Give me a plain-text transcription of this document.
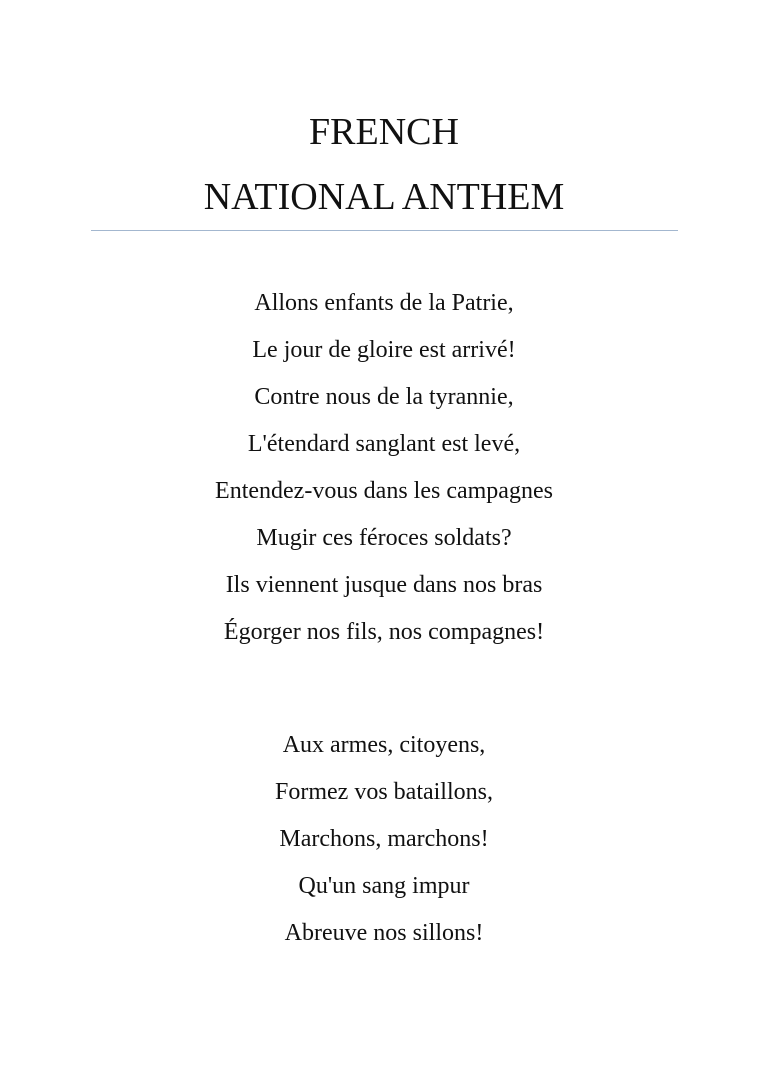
FRENCH
NATIONAL ANTHEM
Allons enfants de la Patrie,
Le jour de gloire est arrivé!
Contre nous de la tyrannie,
L'étendard sanglant est levé,
Entendez-vous dans les campagnes
Mugir ces féroces soldats?
Ils viennent jusque dans nos bras
Égorger nos fils, nos compagnes!
Aux armes, citoyens,
Formez vos bataillons,
Marchons, marchons!
Qu'un sang impur
Abreuve nos sillons!
